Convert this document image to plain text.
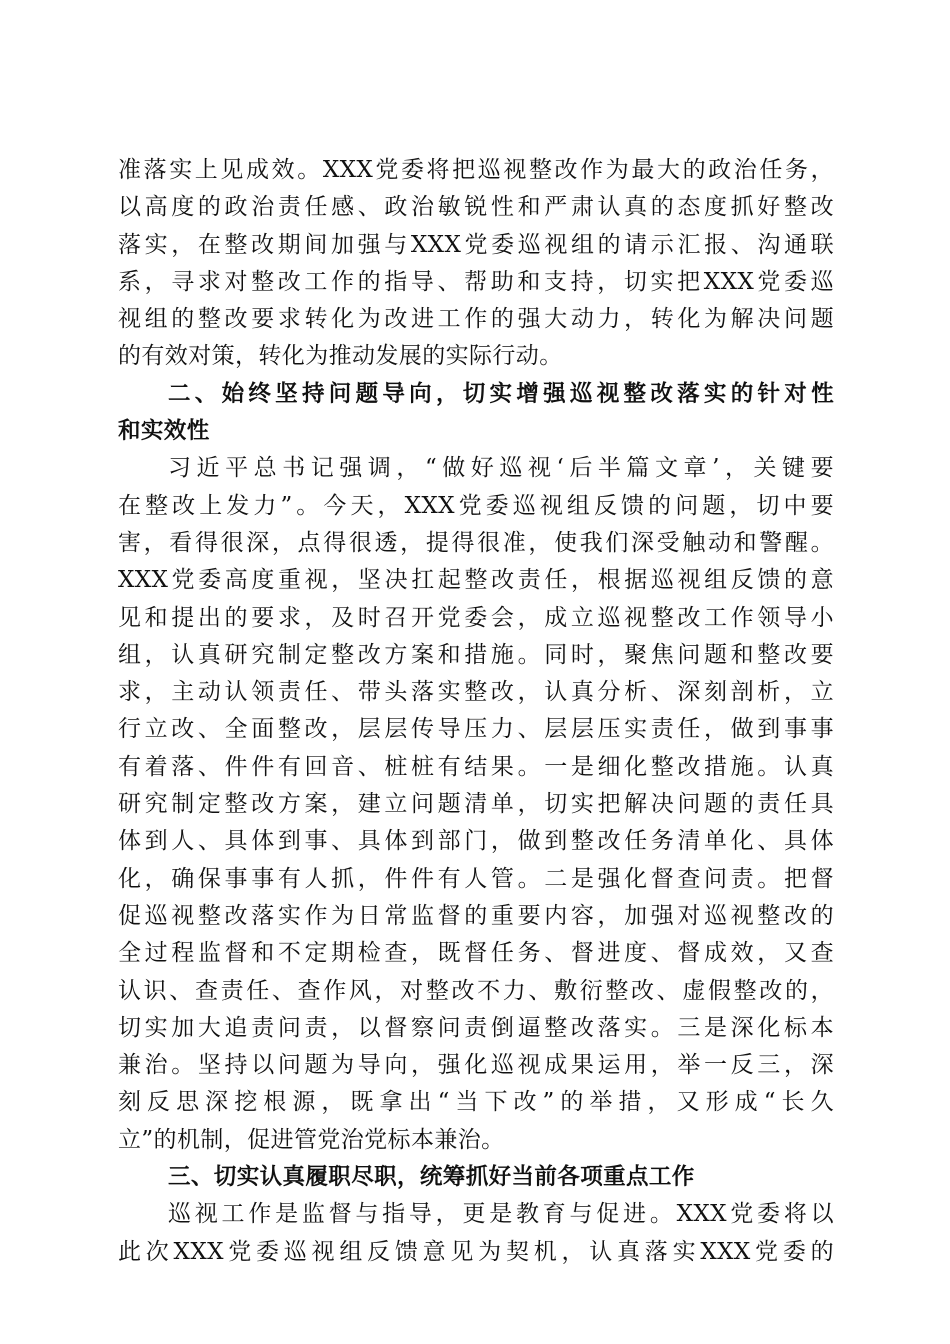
准落实上见成效。XXX党委将把巡视整改作为最大的政治任务，
以高度的政治责任感、政治敏锐性和严肃认真的态度抓好整改
落实，在整改期间加强与XXX党委巡视组的请示汇报、沟通联
系，寻求对整改工作的指导、帮助和支持，切实把XXX党委巡
视组的整改要求转化为改进工作的强大动力，转化为解决问题
的有效对策，转化为推动发展的实际行动。
二、始终坚持问题导向，切实增强巡视整改落实的针对性
和实效性
习近平总书记强调，“做好巡视‘后半篇文章’，关键要
在整改上发力”。今天，XXX党委巡视组反馈的问题，切中要
害，看得很深，点得很透，提得很准，使我们深受触动和警醒。
XXX党委高度重视，坚决扛起整改责任，根据巡视组反馈的意
见和提出的要求，及时召开党委会，成立巡视整改工作领导小
组，认真研究制定整改方案和措施。同时，聚焦问题和整改要
求，主动认领责任、带头落实整改，认真分析、深刻剖析，立
行立改、全面整改，层层传导压力、层层压实责任，做到事事
有着落、件件有回音、桩桩有结果。一是细化整改措施。认真
研究制定整改方案，建立问题清单，切实把解决问题的责任具
体到人、具体到事、具体到部门，做到整改任务清单化、具体
化，确保事事有人抓，件件有人管。二是强化督查问责。把督
促巡视整改落实作为日常监督的重要内容，加强对巡视整改的
全过程监督和不定期检查，既督任务、督进度、督成效，又查
认识、查责任、查作风，对整改不力、敷衍整改、虚假整改的，
切实加大追责问责，以督察问责倒逼整改落实。三是深化标本
兼治。坚持以问题为导向，强化巡视成果运用，举一反三，深
刻反思深挖根源，既拿出“当下改”的举措，又形成“长久
立”的机制，促进管党治党标本兼治。
三、切实认真履职尽职，统筹抓好当前各项重点工作
巡视工作是监督与指导，更是教育与促进。XXX党委将以
此次XXX党委巡视组反馈意见为契机，认真落实XXX党委的
